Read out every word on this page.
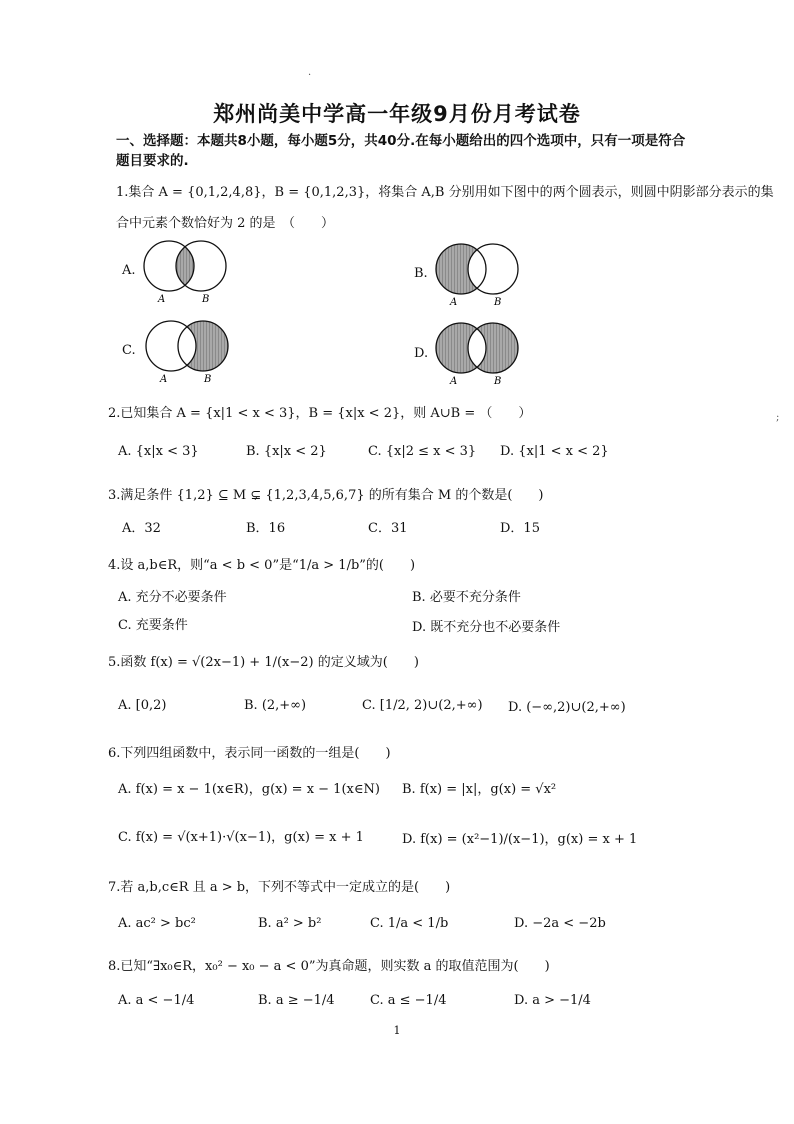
·
;
郑州尚美中学高一年级9月份月考试卷
一、选择题：本题共8小题，每小题5分，共40分.在每小题给出的四个选项中，只有一项是符合题目要求的.
1.集合 A = {0,1,2,4,8}，B = {0,1,2,3}，将集合 A,B 分别用如下图中的两个圆表示，则圆中阴影部分表示的集
合中元素个数恰好为 2 的是　（　　）
A.
A	B
B.
A	B
C.
A	B
D.
A	B
2.已知集合 A = {x|1 < x < 3}，B = {x|x < 2}，则 A∪B = （　　）
A. {x|x < 3}	B. {x|x < 2}	C. {x|2 ≤ x < 3} D. {x|1 < x < 2}
3.满足条件 {1,2} ⊆ M ⊊ {1,2,3,4,5,6,7} 的所有集合 M 的个数是(　　)
A．32	B．16	C．31	D．15
4.设 a,b∈R，则“a < b < 0”是“1/a > 1/b”的(　　)
A. 充分不必要条件	B. 必要不充分条件
C. 充要条件	D. 既不充分也不必要条件
5.函数 f(x) = √(2x−1) + 1/(x−2) 的定义域为(　　)
A. [0,2)	B. (2,+∞)	C. [1/2, 2)∪(2,+∞) D. (−∞,2)∪(2,+∞)
6.下列四组函数中，表示同一函数的一组是(　　)
A. f(x) = x − 1(x∈R)，g(x) = x − 1(x∈N) B. f(x) = |x|，g(x) = √x²
C. f(x) = √(x+1)·√(x−1)，g(x) = x + 1	D. f(x) = (x²−1)/(x−1)，g(x) = x + 1
7.若 a,b,c∈R 且 a > b，下列不等式中一定成立的是(　　)
A. ac² > bc²	B. a² > b²	C. 1/a < 1/b	D. −2a < −2b
8.已知“∃x₀∈R，x₀² − x₀ − a < 0”为真命题，则实数 a 的取值范围为(　　)
A. a < −1/4	B. a ≥ −1/4	C. a ≤ −1/4	D. a > −1/4
1
